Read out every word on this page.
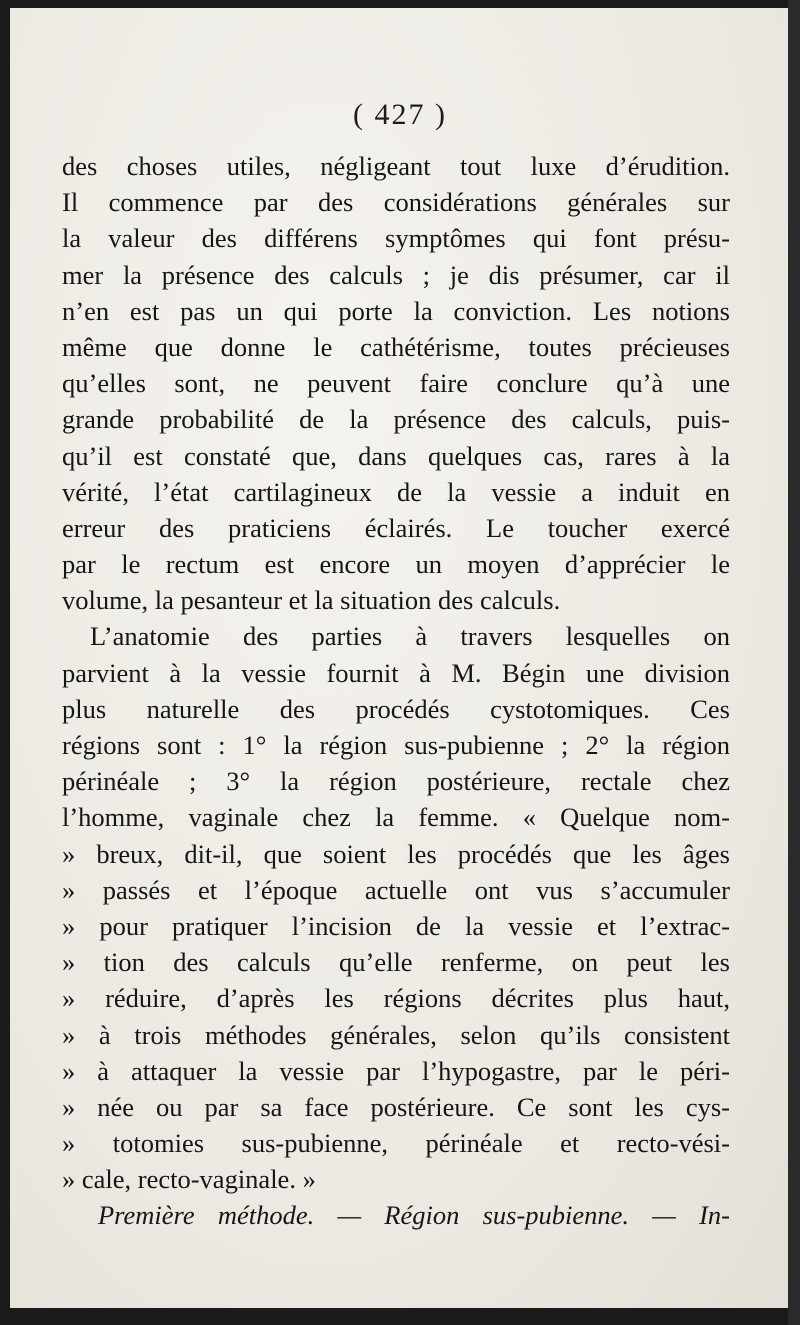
( 427 )
des choses utiles, négligeant tout luxe d’érudition.
Il commence par des considérations générales sur
la valeur des différens symptômes qui font présu-
mer la présence des calculs ; je dis présumer, car il
n’en est pas un qui porte la conviction. Les notions
même que donne le cathétérisme, toutes précieuses
qu’elles sont, ne peuvent faire conclure qu’à une
grande probabilité de la présence des calculs, puis-
qu’il est constaté que, dans quelques cas, rares à la
vérité, l’état cartilagineux de la vessie a induit en
erreur des praticiens éclairés. Le toucher exercé
par le rectum est encore un moyen d’apprécier le
volume, la pesanteur et la situation des calculs.
L’anatomie des parties à travers lesquelles on
parvient à la vessie fournit à M. Bégin une division
plus naturelle des procédés cystotomiques. Ces
régions sont : 1° la région sus-pubienne ; 2° la région
périnéale ; 3° la région postérieure, rectale chez
l’homme, vaginale chez la femme. « Quelque nom-
» breux, dit-il, que soient les procédés que les âges
» passés et l’époque actuelle ont vus s’accumuler
» pour pratiquer l’incision de la vessie et l’extrac-
» tion des calculs qu’elle renferme, on peut les
» réduire, d’après les régions décrites plus haut,
» à trois méthodes générales, selon qu’ils consistent
» à attaquer la vessie par l’hypogastre, par le péri-
» née ou par sa face postérieure. Ce sont les cys-
» totomies sus-pubienne, périnéale et recto-vési-
» cale, recto-vaginale. »
Première méthode. — Région sus-pubienne. — In-
